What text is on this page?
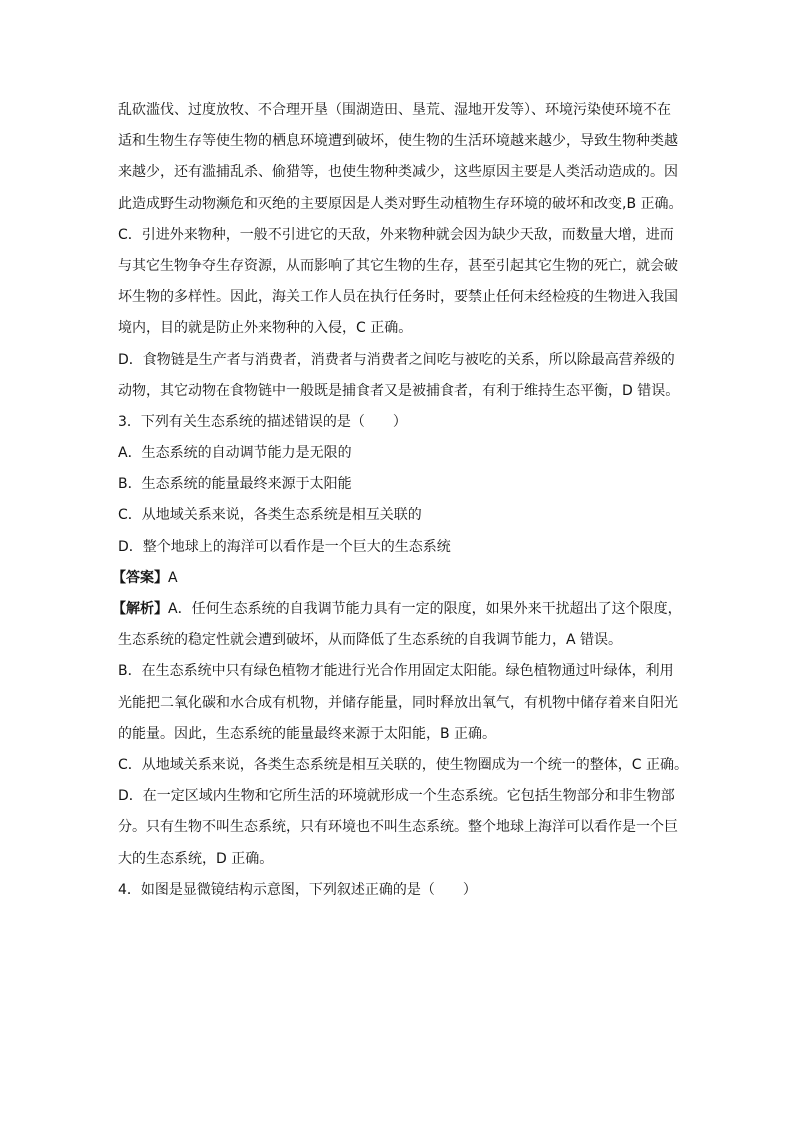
乱砍滥伐、过度放牧、不合理开垦（围湖造田、垦荒、湿地开发等）、环境污染使环境不在
适和生物生存等使生物的栖息环境遭到破坏，使生物的生活环境越来越少，导致生物种类越
来越少，还有滥捕乱杀、偷猎等，也使生物种类减少，这些原因主要是人类活动造成的。因
此造成野生动物濒危和灭绝的主要原因是人类对野生动植物生存环境的破坏和改变,B 正确。
C．引进外来物种，一般不引进它的天敌，外来物种就会因为缺少天敌，而数量大增，进而
与其它生物争夺生存资源，从而影响了其它生物的生存，甚至引起其它生物的死亡，就会破
坏生物的多样性。因此，海关工作人员在执行任务时，要禁止任何未经检疫的生物进入我国
境内，目的就是防止外来物种的入侵，C 正确。
D．食物链是生产者与消费者，消费者与消费者之间吃与被吃的关系，所以除最高营养级的
动物，其它动物在食物链中一般既是捕食者又是被捕食者，有利于维持生态平衡，D 错误。
3．下列有关生态系统的描述错误的是（　　）
A．生态系统的自动调节能力是无限的
B．生态系统的能量最终来源于太阳能
C．从地域关系来说，各类生态系统是相互关联的
D．整个地球上的海洋可以看作是一个巨大的生态系统
【答案】A
【解析】A．任何生态系统的自我调节能力具有一定的限度，如果外来干扰超出了这个限度，
生态系统的稳定性就会遭到破坏，从而降低了生态系统的自我调节能力，A 错误。
B．在生态系统中只有绿色植物才能进行光合作用固定太阳能。绿色植物通过叶绿体，利用
光能把二氧化碳和水合成有机物，并储存能量，同时释放出氧气，有机物中储存着来自阳光
的能量。因此，生态系统的能量最终来源于太阳能，B 正确。
C．从地域关系来说，各类生态系统是相互关联的，使生物圈成为一个统一的整体，C 正确。
D．在一定区域内生物和它所生活的环境就形成一个生态系统。它包括生物部分和非生物部
分。只有生物不叫生态系统，只有环境也不叫生态系统。整个地球上海洋可以看作是一个巨
大的生态系统，D 正确。
4．如图是显微镜结构示意图，下列叙述正确的是（　　）
